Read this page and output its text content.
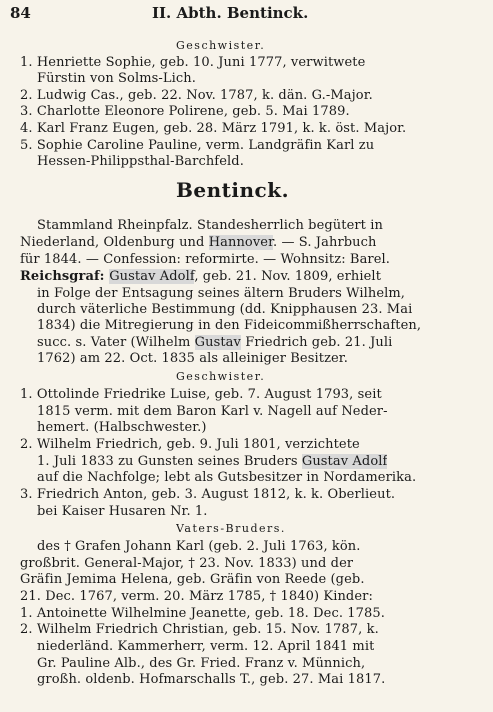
84	II. Abth. Bentinck.
Geschwister.
1. Henriette Sophie, geb. 10. Juni 1777, verwitwete
Fürstin von Solms-Lich.
2. Ludwig Cas., geb. 22. Nov. 1787, k. dän. G.-Major.
3. Charlotte Eleonore Polirene, geb. 5. Mai 1789.
4. Karl Franz Eugen, geb. 28. März 1791, k. k. öst. Major.
5. Sophie Caroline Pauline, verm. Landgräfin Karl zu
Hessen-Philippsthal-Barchfeld.
Bentinck.
Stammland Rheinpfalz. Standesherrlich begütert in
Niederland, Oldenburg und Hannover. — S. Jahrbuch
für 1844. — Confession: reformirte. — Wohnsitz: Barel.
Reichsgraf: Gustav Adolf, geb. 21. Nov. 1809, erhielt
in Folge der Entsagung seines ältern Bruders Wilhelm,
durch väterliche Bestimmung (dd. Knipphausen 23. Mai
1834) die Mitregierung in den Fideicommißherrschaften,
succ. s. Vater (Wilhelm Gustav Friedrich geb. 21. Juli
1762) am 22. Oct. 1835 als alleiniger Besitzer.
Geschwister.
1. Ottolinde Friedrike Luise, geb. 7. August 1793, seit
1815 verm. mit dem Baron Karl v. Nagell auf Neder-
hemert. (Halbschwester.)
2. Wilhelm Friedrich, geb. 9. Juli 1801, verzichtete
1. Juli 1833 zu Gunsten seines Bruders Gustav Adolf
auf die Nachfolge; lebt als Gutsbesitzer in Nordamerika.
3. Friedrich Anton, geb. 3. August 1812, k. k. Oberlieut.
bei Kaiser Husaren Nr. 1.
Vaters-Bruders.
des † Grafen Johann Karl (geb. 2. Juli 1763, kön.
großbrit. General-Major, † 23. Nov. 1833) und der
Gräfin Jemima Helena, geb. Gräfin von Reede (geb.
21. Dec. 1767, verm. 20. März 1785, † 1840) Kinder:
1. Antoinette Wilhelmine Jeanette, geb. 18. Dec. 1785.
2. Wilhelm Friedrich Christian, geb. 15. Nov. 1787, k.
niederländ. Kammerherr, verm. 12. April 1841 mit
Gr. Pauline Alb., des Gr. Fried. Franz v. Münnich,
großh. oldenb. Hofmarschalls T., geb. 27. Mai 1817.
